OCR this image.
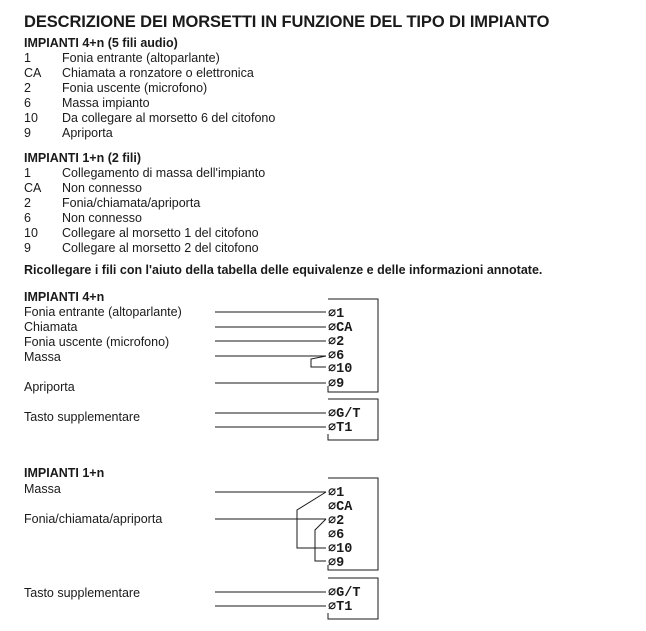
DESCRIZIONE DEI MORSETTI IN FUNZIONE DEL TIPO DI IMPIANTO
IMPIANTI 4+n (5 fili audio)
1 Fonia entrante (altoparlante)
CA Chiamata a ronzatore o elettronica
2 Fonia uscente (microfono)
6 Massa impianto
10 Da collegare al morsetto 6 del citofono
9 Apriporta
IMPIANTI 1+n (2 fili)
1 Collegamento di massa dell'impianto
CA Non connesso
2 Fonia/chiamata/apriporta
6 Non connesso
10 Collegare al morsetto 1 del citofono
9 Collegare al morsetto 2 del citofono
Ricollegare i fili con l'aiuto della tabella delle equivalenze e delle informazioni annotate.
IMPIANTI 4+n
Fonia entrante (altoparlante)
Chiamata
Fonia uscente (microfono)
Massa
Apriporta
Tasto supplementare
IMPIANTI 1+n
Massa
Fonia/chiamata/apriporta
Tasto supplementare
⌀1
⌀CA
⌀2
⌀6
⌀10
⌀9
⌀G/T
⌀T1
⌀1
⌀CA
⌀2
⌀6
⌀10
⌀9
⌀G/T
⌀T1
